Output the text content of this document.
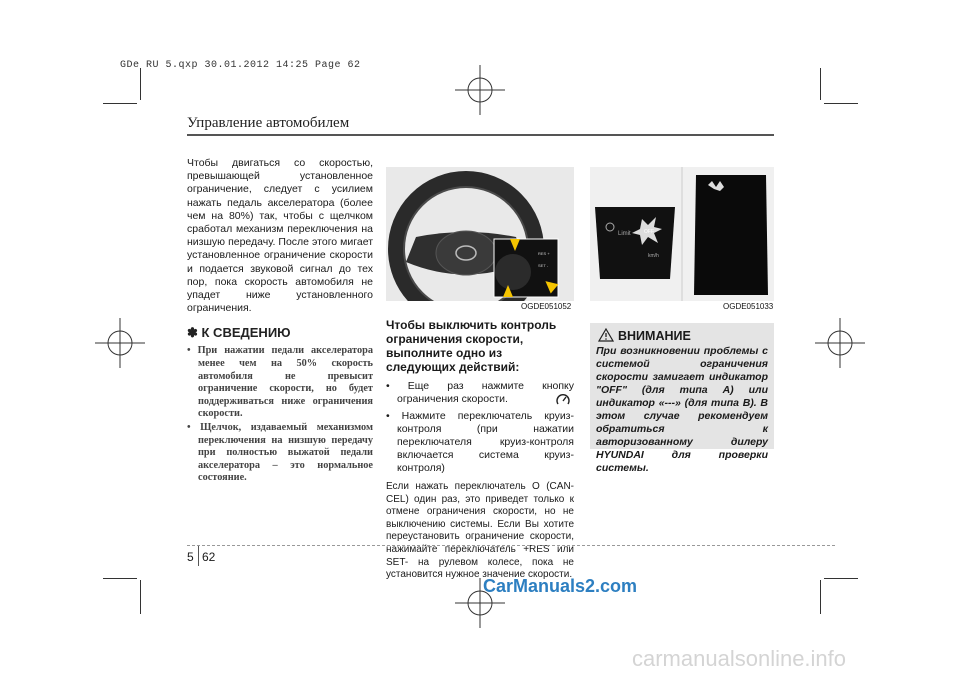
GDe RU 5.qxp 30.01.2012 14:25 Page 62
Управление автомобилем
Чтобы двигаться со скоростью, превышающей установленное ограничение, следует с усилием нажать педаль акселератора (более чем на 80%) так, чтобы с щелчком сработал механизм переключения на низшую передачу. После этого мигает установленное ограничение скорости и подается звуковой сигнал до тех пор, пока скорость автомобиля не упадет ниже установленного ограничения.
✽ К СВЕДЕНИЮ
• При нажатии педали акселератора менее чем на 50% скорость автомобиля не превысит ограничение скорости, но будет поддерживаться ниже ограничения скорости.
• Щелчок, издаваемый механизмом переключения на низшую передачу при полностью выжатой педали акселератора – это нормальное состояние.
RES +
SET -
OGDE051052
Limit	OFF
km/h
OGDE051033
Чтобы выключить контроль ограничения скорости, выполните одно из следующих действий:
• Еще раз нажмите кнопку ограничения скорости.
• Нажмите переключатель круиз-контроля (при нажатии переключателя круиз-контроля включается система круиз-контроля)
Если нажать переключатель O (CAN-CEL) один раз, это приведет только к отмене ограничения скорости, но не выключению системы. Если Вы хотите переустановить ограничение скорости, нажимайте переключатель +RES или SET- на рулевом колесе, пока не установится нужное значение скорости.
ВНИМАНИЕ
При возникновении проблемы с системой ограничения скорости замигает индикатор "OFF" (для типа A) или индикатор «---» (для типа B). В этом случае рекомендуем обратиться к авторизованному дилеру HYUNDAI для проверки системы.
5 62
CarManuals2.com
carmanualsonline.info
